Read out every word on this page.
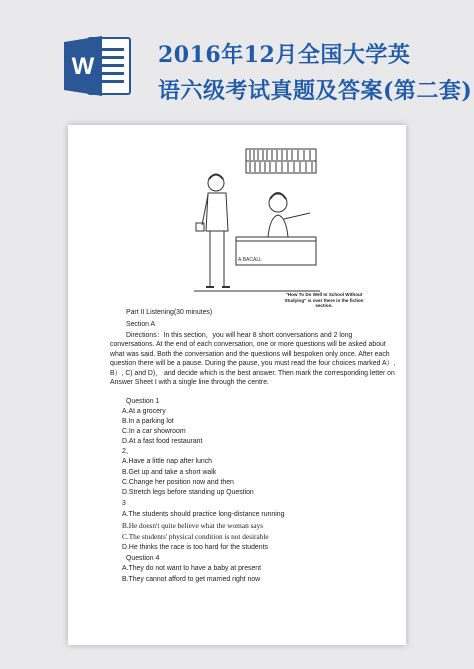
W	2016年12月全国大学英
语六级考试真题及答案(第二套)
A.BACALL
"How To Do Well In School Without Studying" is over there in the fiction section.
Part II Listening(30 minutes)
Section A
Directions：In this section，you will hear 8 short conversations and 2 long conversations. At the end of each conversation, one or more questions will be asked about what was said. Both the conversation and the questions will bespoken only once. After each question there will be a pause. During the pause, you must read the four choices marked A）, B）, C) and D)， and decide which is the best answer. Then mark the corresponding letter on Answer Sheet I with a single line through the centre.
Question 1
A.At a grocery
B.In a parking lot
C.In a car showroom
D.At a fast food restaurant
2、
A.Have a little nap after lunch
B.Get up and take a short walk
C.Change her position now and then
D.Stretch legs before standing up Question
3
A.The students should practice long-distance running
B.He doesn't quite believe what the woman says
C.The students' physical condition is not desirable
D.He thinks the race is too hard for the students
Question 4
A.They do not want to have a baby at present
B.They cannot afford to get married right now
